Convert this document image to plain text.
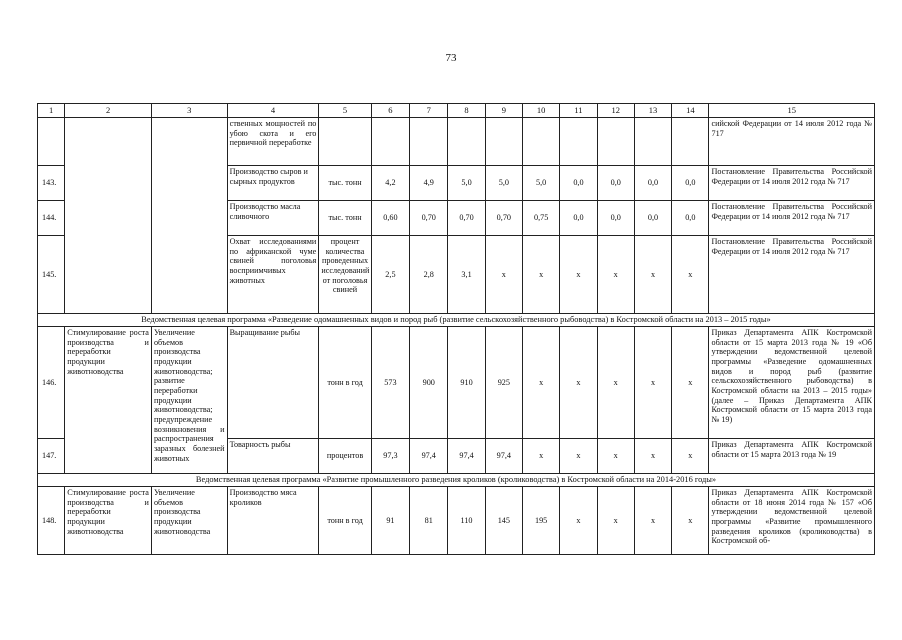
73
1	2	3	4	5	6	7	8	9	10	11	12	13	14	15
			ственных мощностей по убою скота и его первичной переработке											сийской Федерации от 14 июля 2012 года № 717
143.			Производство сыров и сырных продуктов	тыс. тонн	4,2	4,9	5,0	5,0	5,0	0,0	0,0	0,0	0,0	Постановление Правительства Российской Федерации от 14 июля 2012 года № 717
144.			Производство масла сливочного	тыс. тонн	0,60	0,70	0,70	0,70	0,75	0,0	0,0	0,0	0,0	Постановление Правительства Российской Федерации от 14 июля 2012 года № 717
145.			Охват исследованиями по африканской чуме свиней поголовья восприимчивых животных	процент количества проведенных исследований от поголовья свиней	2,5	2,8	3,1	х	х	х	х	х	х	Постановление Правительства Российской Федерации от 14 июля 2012 года № 717
Ведомственная целевая программа «Разведение одомашненных видов и пород рыб (развитие сельскохозяйственного рыбоводства) в Костромской области на 2013 – 2015 годы»														
146.	Стимулирование роста производства и переработки продукции животноводства	Увеличение объемов производства продукции животноводства; развитие переработки продукции животноводства; предупреждение возникновения и распространения заразных болезней животных	Выращивание рыбы	тонн в год	573	900	910	925	х	х	х	х	х	Приказ Департамента АПК Костромской области от 15 марта 2013 года № 19 «Об утверждении ведомственной целевой программы «Разведение одомашненных видов и пород рыб (развитие сельскохозяйственного рыбоводства) в Костромской области на 2013 – 2015 годы» (далее – Приказ Департамента АПК Костромской области от 15 марта 2013 года № 19)
147.			Товарность рыбы	процентов	97,3	97,4	97,4	97,4	х	х	х	х	х	Приказ Департамента АПК Костромской области от 15 марта 2013 года № 19
Ведомственная целевая программа «Развитие промышленного разведения кроликов (кролиководства) в Костромской области на 2014-2016 годы»														
148.	Стимулирование роста производства и переработки продукции животноводства	Увеличение объемов производства продукции животноводства	Производство мяса кроликов	тонн в год	91	81	110	145	195	х	х	х	х	Приказ Департамента АПК Костромской области от 18 июня 2014 года № 157 «Об утверждении ведомственной целевой программы «Развитие промышленного разведения кроликов (кролиководства) в Костромской об-
